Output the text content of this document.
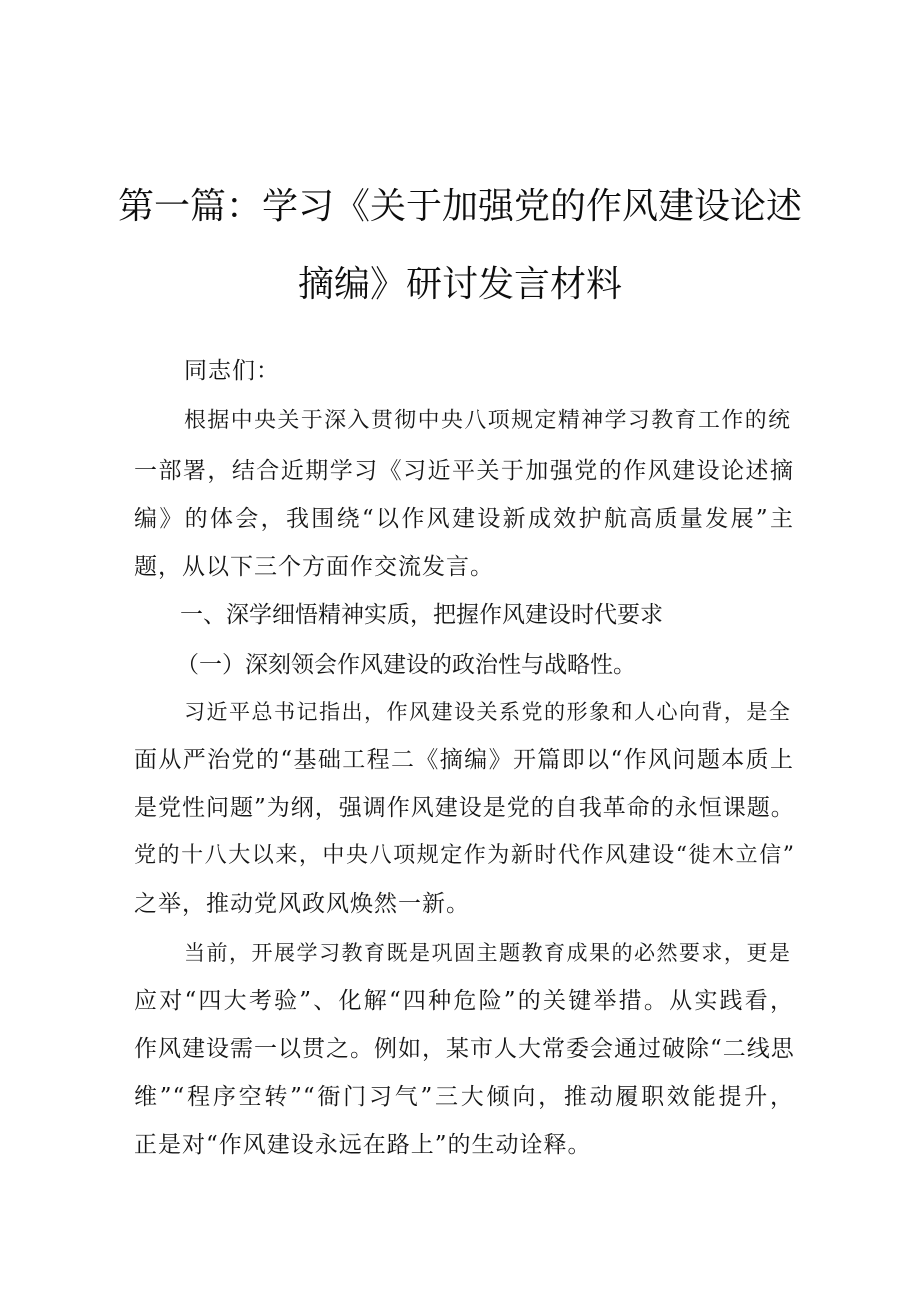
第一篇：学习《关于加强党的作风建设论述
摘编》研讨发言材料
同志们：
根据中央关于深入贯彻中央八项规定精神学习教育工作的统
一部署，结合近期学习《习近平关于加强党的作风建设论述摘
编》的体会，我围绕“以作风建设新成效护航高质量发展”主
题，从以下三个方面作交流发言。
一、深学细悟精神实质，把握作风建设时代要求
（一）深刻领会作风建设的政治性与战略性。
习近平总书记指出，作风建设关系党的形象和人心向背，是全
面从严治党的“基础工程二《摘编》开篇即以“作风问题本质上
是党性问题”为纲，强调作风建设是党的自我革命的永恒课题。
党的十八大以来，中央八项规定作为新时代作风建设“徙木立信”
之举，推动党风政风焕然一新。
当前，开展学习教育既是巩固主题教育成果的必然要求，更是
应对“四大考验”、化解“四种危险”的关键举措。从实践看，
作风建设需一以贯之。例如，某市人大常委会通过破除“二线思
维”“程序空转”“衙门习气”三大倾向，推动履职效能提升，
正是对“作风建设永远在路上”的生动诠释。
